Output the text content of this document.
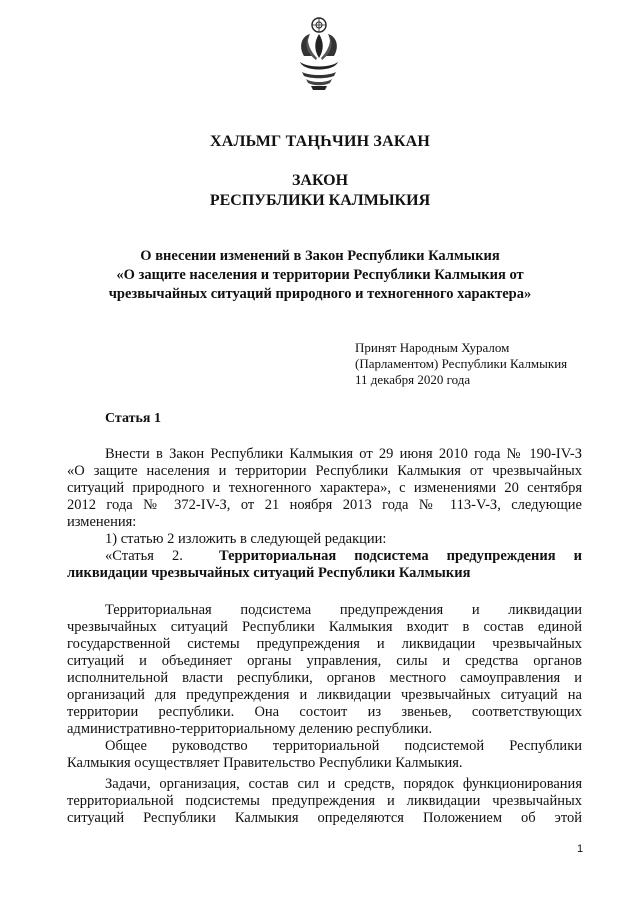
ХАЛЬМГ ТАҢҺЧИН ЗАКАН
ЗАКОН
РЕСПУБЛИКИ КАЛМЫКИЯ
О внесении изменений в Закон Республики Калмыкия
«О защите населения и территории Республики Калмыкия от
чрезвычайных ситуаций природного и техногенного характера»
Принят Народным Хуралом
(Парламентом) Республики Калмыкия
11 декабря 2020 года
Статья 1
Внести в Закон Республики Калмыкия от 29 июня 2010 года № 190-IV-З
«О защите населения и территории Республики Калмыкия от чрезвычайных
ситуаций природного и техногенного характера», с изменениями 20 сентября
2012 года № 372-IV-З, от 21 ноября 2013 года № 113-V-З, следующие
изменения:
1) статью 2 изложить в следующей редакции:
«Статья 2. Территориальная подсистема предупреждения и
ликвидации чрезвычайных ситуаций Республики Калмыкия
Территориальная подсистема предупреждения и ликвидации
чрезвычайных ситуаций Республики Калмыкия входит в состав единой
государственной системы предупреждения и ликвидации чрезвычайных
ситуаций и объединяет органы управления, силы и средства органов
исполнительной власти республики, органов местного самоуправления и
организаций для предупреждения и ликвидации чрезвычайных ситуаций на
территории республики. Она состоит из звеньев, соответствующих
административно-территориальному делению республики.
Общее руководство территориальной подсистемой Республики
Калмыкия осуществляет Правительство Республики Калмыкия.
Задачи, организация, состав сил и средств, порядок функционирования
территориальной подсистемы предупреждения и ликвидации чрезвычайных
ситуаций Республики Калмыкия определяются Положением об этой
1
